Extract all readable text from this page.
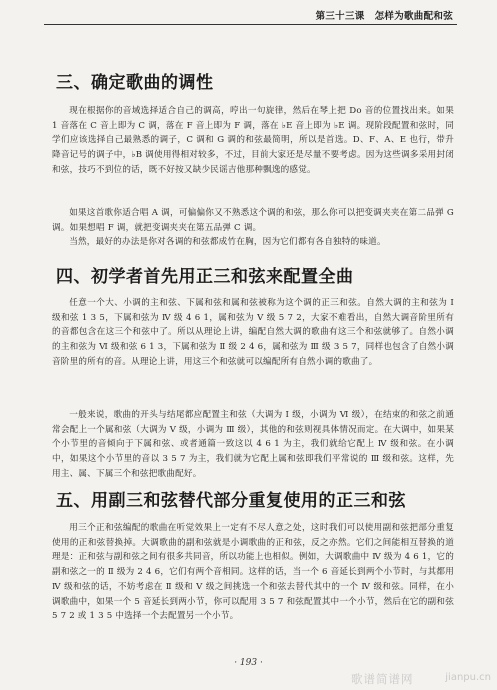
第三十三课 怎样为歌曲配和弦
三、确定歌曲的调性

现在根据你的音域选择适合自己的调高，哼出一句旋律，然后在琴上把 Do 音的位置找出来。如果 1 音落在 C 音上即为 C 调，落在 F 音上即为 F 调，落在 ♭E 音上即为 ♭E 调。现阶段配置和弦时，同学们应该选择自己最熟悉的调子，C 调和 G 调的和弦最简明，所以是首选。D、F、A、E 也行，带升降音记号的调子中，♭B 调使用得相对较多，不过，目前大家还是尽量不要考虑。因为这些调多采用封闭和弦，技巧不到位的话，既不好按又缺少民谣吉他那种飘逸的感觉。

如果这首歌你适合唱 A 调，可偏偏你又不熟悉这个调的和弦，那么你可以把变调夹夹在第二品弹 G 调。如果想唱 F 调，就把变调夹夹在第五品弹 C 调。

当然，最好的办法是你对各调的和弦都成竹在胸，因为它们都有各自独特的味道。

四、初学者首先用正三和弦来配置全曲

任意一个大、小调的主和弦、下属和弦和属和弦被称为这个调的正三和弦。自然大调的主和弦为 Ⅰ 级和弦 1 3 5，下属和弦为 Ⅳ 级 4 6 1，属和弦为 Ⅴ 级 5 7 2，大家不难看出，自然大调音阶里所有的音都包含在这三个和弦中了。所以从理论上讲，编配自然大调的歌曲有这三个和弦就够了。自然小调的主和弦为 Ⅵ 级和弦 6 1 3，下属和弦为 Ⅱ 级 2 4 6，属和弦为 Ⅲ 级 3 5 7，同样也包含了自然小调音阶里的所有的音。从理论上讲，用这三个和弦就可以编配所有自然小调的歌曲了。

一般来说，歌曲的开头与结尾都应配置主和弦（大调为 Ⅰ 级，小调为 Ⅵ 级），在结束的和弦之前通常会配上一个属和弦（大调为 Ⅴ 级，小调为 Ⅲ 级），其他的和弦则视具体情况而定。在大调中，如果某个小节里的音倾向于下属和弦、或者通篇一致这以 4 6 1 为主，我们就给它配上 Ⅳ 级和弦。在小调中，如果这个小节里的音以 3 5 7 为主，我们就为它配上属和弦即我们平常说的 Ⅲ 级和弦。这样，先用主、属、下属三个和弦把歌曲配好。

五、用副三和弦替代部分重复使用的正三和弦

用三个正和弦编配的歌曲在听觉效果上一定有不尽人意之处，这时我们可以使用副和弦把部分重复使用的正和弦替换掉。大调歌曲的副和弦就是小调歌曲的正和弦，反之亦然。它们之间能相互替换的道理是：正和弦与副和弦之间有很多共同音，所以功能上也相似。例如，大调歌曲中 Ⅳ 级为 4 6 1，它的副和弦之一的 Ⅱ 级为 2 4 6，它们有两个音相同。这样的话，当一个 6 音延长到两个小节时，与其都用 Ⅳ 级和弦的话，不妨考虑在 Ⅱ 级和 Ⅴ 级之间挑选一个和弦去替代其中的一个 Ⅳ 级和弦。同样，在小调歌曲中，如果一个 5 音延长到两小节，你可以配用 3 5 7 和弦配置其中一个小节，然后在它的副和弦 5 7 2 或 1 3 5 中选择一个去配置另一个小节。

· 193 ·
歌谱简谱网	jianpu.cn
